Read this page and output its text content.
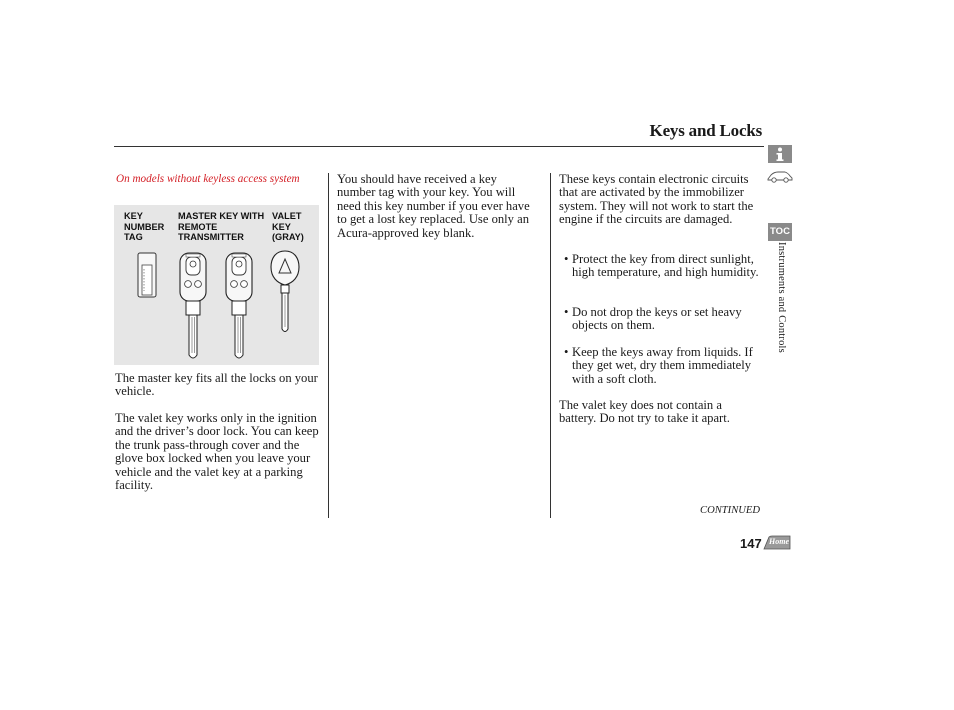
Keys and Locks
On models without keyless access system
KEY NUMBER TAG
MASTER KEY WITH REMOTE TRANSMITTER
VALET KEY (GRAY)
The master key fits all the locks on your vehicle.
The valet key works only in the ignition and the driver’s door lock. You can keep the trunk pass-through cover and the glove box locked when you leave your vehicle and the valet key at a parking facility.
You should have received a key number tag with your key. You will need this key number if you ever have to get a lost key replaced. Use only an Acura-approved key blank.
These keys contain electronic circuits that are activated by the immobilizer system. They will not work to start the engine if the circuits are damaged.
• Protect the key from direct sunlight, high temperature, and high humidity.
• Do not drop the keys or set heavy objects on them.
• Keep the keys away from liquids. If they get wet, dry them immediately with a soft cloth.
The valet key does not contain a battery. Do not try to take it apart.
CONTINUED
147 Home
TOC
Instruments and Controls
